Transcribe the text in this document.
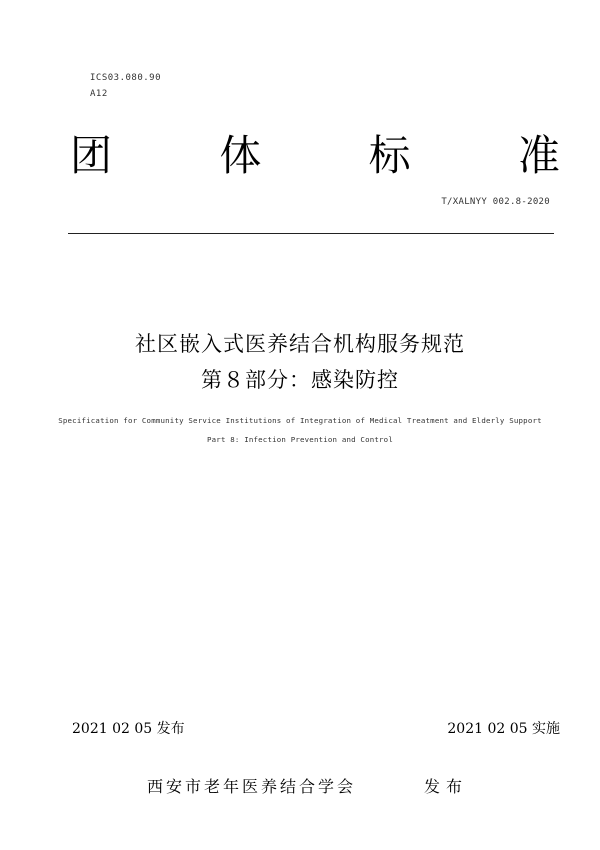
ICS03.080.90
A12
团	体	标	准
T/XALNYY 002.8-2020
社区嵌入式医养结合机构服务规范
第８部分：感染防控
Specification for Community Service Institutions of Integration of Medical Treatment and Elderly Support
Part 8: Infection Prevention and Control
2021 02 05 发布	2021 02 05 实施
西安市老年医养结合学会	发布
